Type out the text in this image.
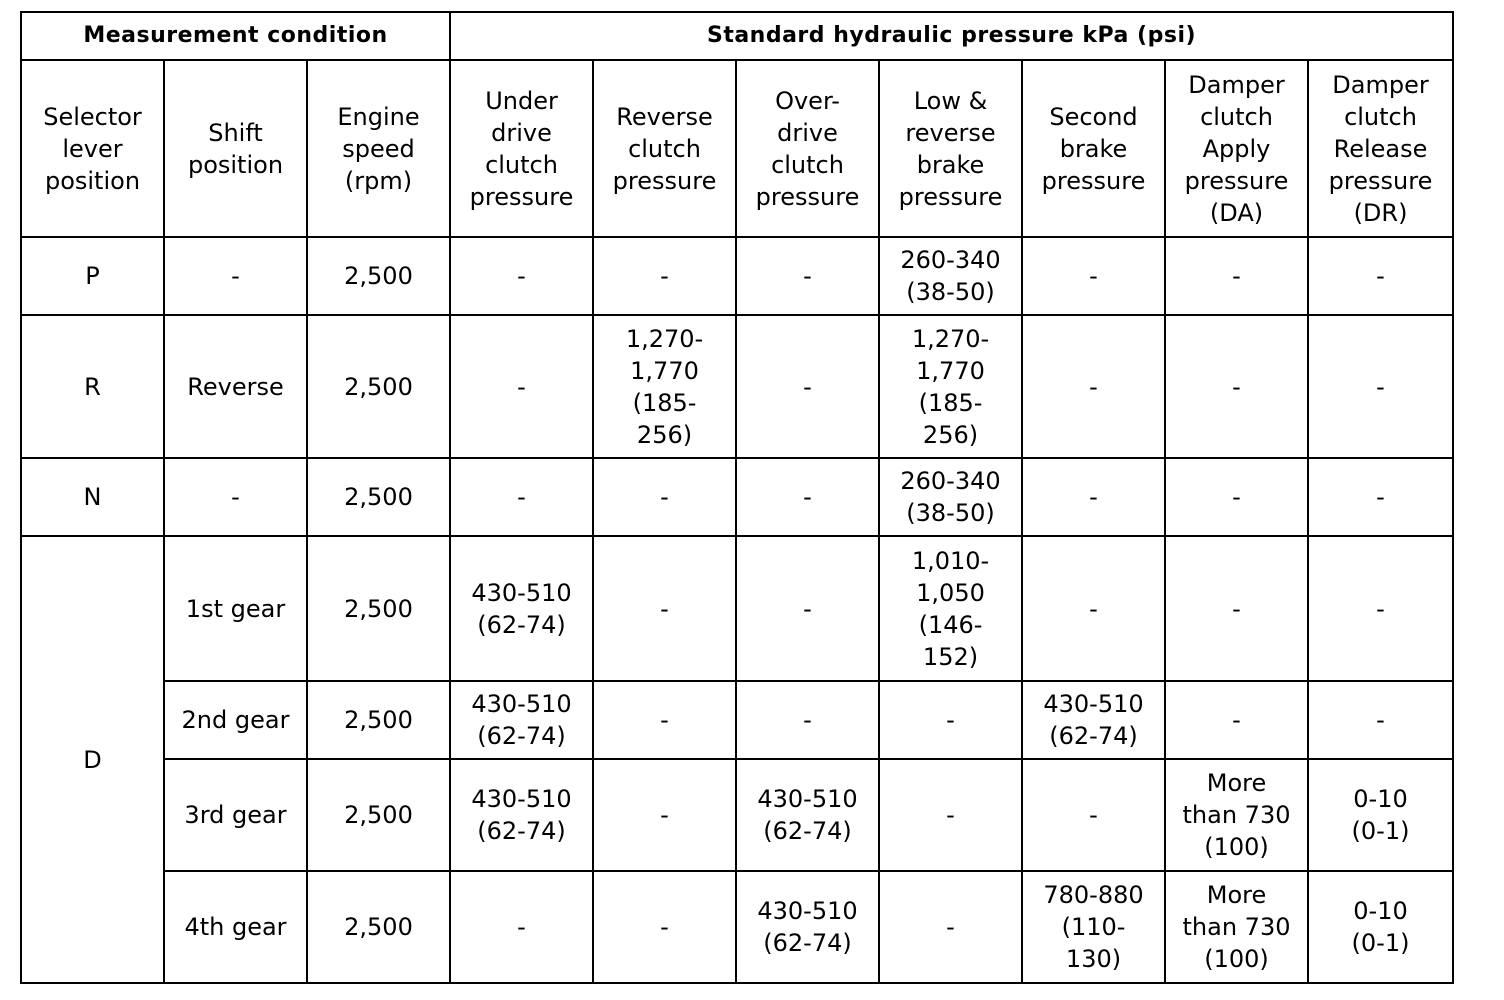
Measurement condition			Standard hydraulic pressure kPa (psi)						
Selector
lever
position	Shift
position	Engine
speed
(rpm)	Under
drive
clutch
pressure	Reverse
clutch
pressure	Over-
drive
clutch
pressure	Low &
reverse
brake
pressure	Second
brake
pressure	Damper
clutch
Apply
pressure
(DA)	Damper
clutch
Release
pressure
(DR)
P	-	2,500	-	-	-	260-340
(38-50)	-	-	-
R	Reverse	2,500	-	1,270-
1,770
(185-
256)	-	1,270-
1,770
(185-
256)	-	-	-
N	-	2,500	-	-	-	260-340
(38-50)	-	-	-
D	1st gear	2,500	430-510
(62-74)	-	-	1,010-
1,050
(146-
152)	-	-	-
	2nd gear	2,500	430-510
(62-74)	-	-	-	430-510
(62-74)	-	-
	3rd gear	2,500	430-510
(62-74)	-	430-510
(62-74)	-	-	More
than 730
(100)	0-10
(0-1)
	4th gear	2,500	-	-	430-510
(62-74)	-	780-880
(110-
130)	More
than 730
(100)	0-10
(0-1)
